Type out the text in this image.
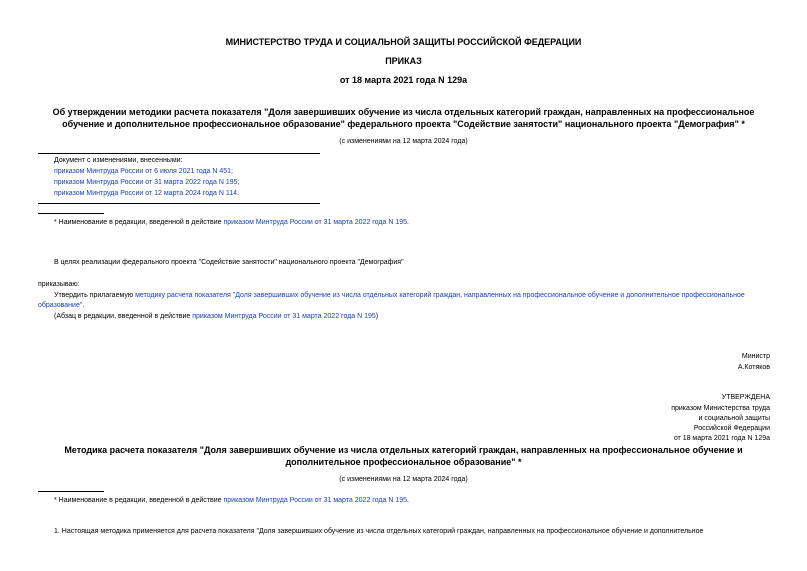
МИНИСТЕРСТВО ТРУДА И СОЦИАЛЬНОЙ ЗАЩИТЫ РОССИЙСКОЙ ФЕДЕРАЦИИ

ПРИКАЗ

от 18 марта 2021 года N 129а

Об утверждении методики расчета показателя "Доля завершивших обучение из числа отдельных категорий граждан, направленных на профессиональное

обучение и дополнительное профессиональное образование" федерального проекта "Содействие занятости" национального проекта "Демография" *

(с изменениями на 12 марта 2024 года)

Документ с изменениями, внесенными:

приказом Минтруда России от 6 июля 2021 года N 451;

приказом Минтруда России от 31 марта 2022 года N 195;

приказом Минтруда России от 12 марта 2024 года N 114.

* Наименование в редакции, введенной в действие приказом Минтруда России от 31 марта 2022 года N 195.

В целях реализации федерального проекта "Содействие занятости" национального проекта "Демография"

приказываю:

Утвердить прилагаемую методику расчета показателя "Доля завершивших обучение из числа отдельных категорий граждан, направленных на профессиональное обучение и дополнительное профессиональное

образование".

(Абзац в редакции, введенной в действие приказом Минтруда России от 31 марта 2022 года N 195)

Министр

А.Котяков

УТВЕРЖДЕНА

приказом Министерства труда

и социальной защиты

Российской Федерации

от 18 марта 2021 года N 129а

Методика расчета показателя "Доля завершивших обучение из числа отдельных категорий граждан, направленных на профессиональное обучение и

дополнительное профессиональное образование" *

(с изменениями на 12 марта 2024 года)

* Наименование в редакции, введенной в действие приказом Минтруда России от 31 марта 2022 года N 195.

1. Настоящая методика применяется для расчета показателя "Доля завершивших обучение из числа отдельных категорий граждан, направленных на профессиональное обучение и дополнительное
